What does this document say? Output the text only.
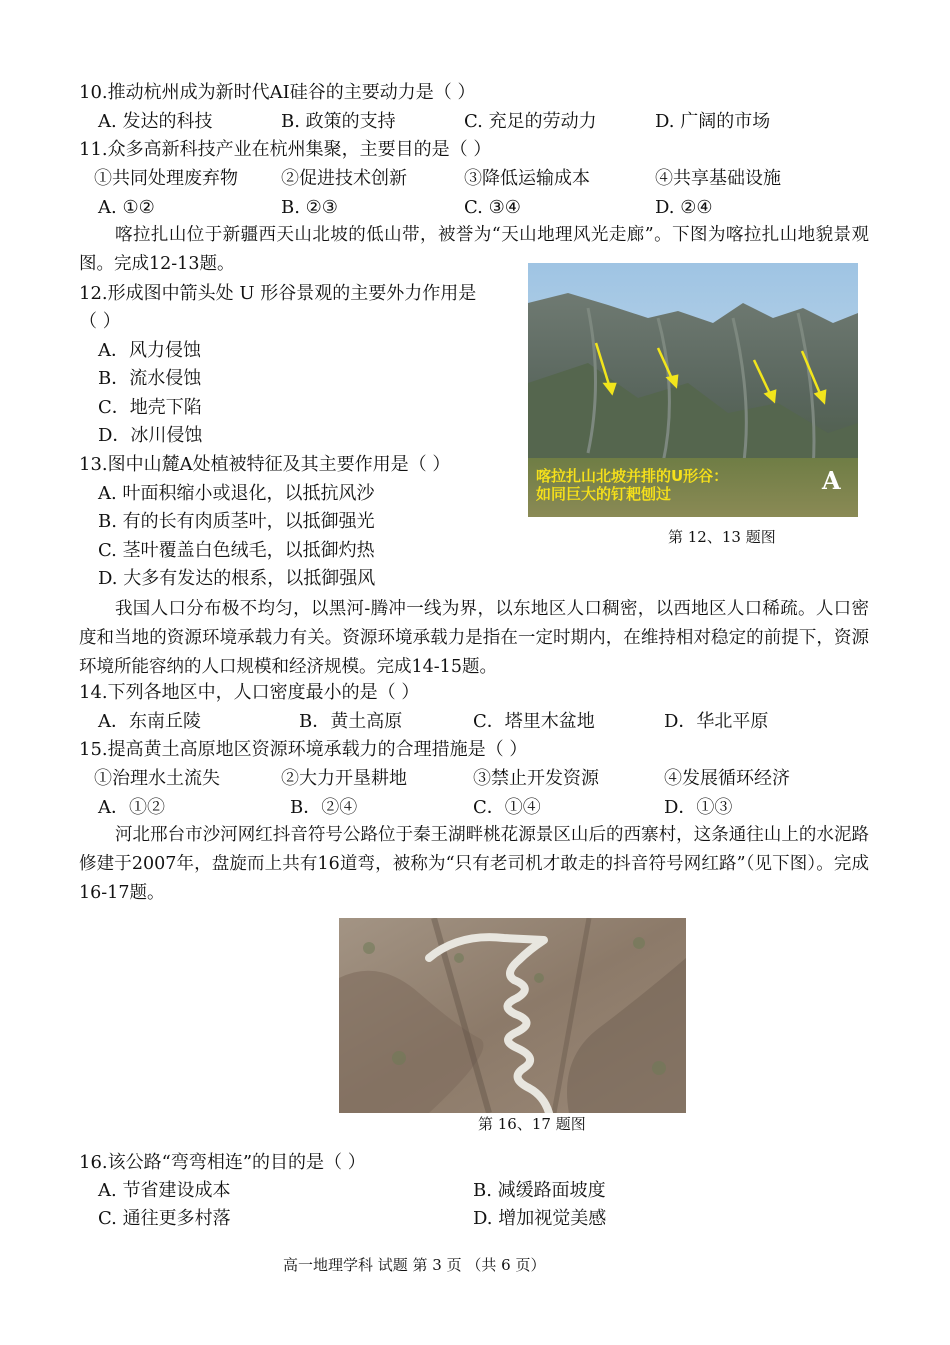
10.推动杭州成为新时代AI硅谷的主要动力是（ ）
A. 发达的科技	B. 政策的支持	C. 充足的劳动力	D. 广阔的市场
11.众多高新科技产业在杭州集聚，主要目的是（ ）
①共同处理废弃物 ②促进技术创新	③降低运输成本	④共享基础设施
A. ①②	B. ②③	C. ③④	D. ②④

喀拉扎山位于新疆西天山北坡的低山带，被誉为“天山地理风光走廊”。下图为喀拉扎山地貌景观图。完成12-13题。

12.形成图中箭头处 U 形谷景观的主要外力作用是
（ ）
A．风力侵蚀
B．流水侵蚀
C．地壳下陷
D．冰川侵蚀
13.图中山麓A处植被特征及其主要作用是（ ）
A. 叶面积缩小或退化，以抵抗风沙
B. 有的长有肉质茎叶，以抵御强光
C. 茎叶覆盖白色绒毛，以抵御灼热
D. 大多有发达的根系，以抵御强风
喀拉扎山北坡并排的U形谷：
如同巨大的钉耙刨过	A
第 12、13 题图

我国人口分布极不均匀，以黑河-腾冲一线为界，以东地区人口稠密，以西地区人口稀疏。人口密度和当地的资源环境承载力有关。资源环境承载力是指在一定时期内，在维持相对稳定的前提下，资源环境所能容纳的人口规模和经济规模。完成14-15题。

14.下列各地区中，人口密度最小的是（ ）
A．东南丘陵	B．黄土高原	C．塔里木盆地	D．华北平原
15.提高黄土高原地区资源环境承载力的合理措施是（ ）
①治理水土流失	②大力开垦耕地	③禁止开发资源	④发展循环经济
A．①②	B．②④	C．①④	D．①③

河北邢台市沙河网红抖音符号公路位于秦王湖畔桃花源景区山后的西寨村，这条通往山上的水泥路修建于2007年，盘旋而上共有16道弯，被称为“只有老司机才敢走的抖音符号网红路”（见下图）。完成16-17题。

第 16、17 题图
16.该公路“弯弯相连”的目的是（ ）
A. 节省建设成本	B. 减缓路面坡度
C. 通往更多村落	D. 增加视觉美感
高一地理学科 试题 第 3 页 （共 6 页）
